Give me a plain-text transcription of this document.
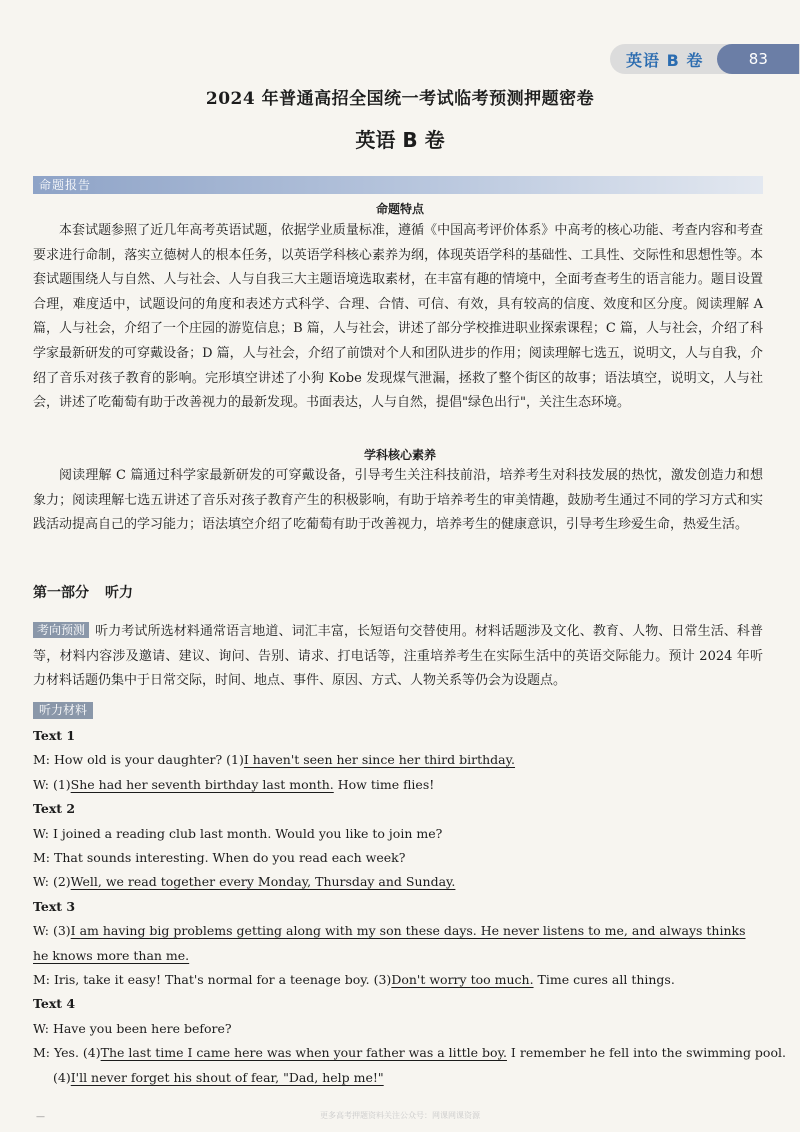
英语 B 卷	83
2024 年普通高招全国统一考试临考预测押题密卷
英语 B 卷
命题报告
命题特点
本套试题参照了近几年高考英语试题，依据学业质量标准，遵循《中国高考评价体系》中高考的核心功能、考查内容和考查要求进行命制，落实立德树人的根本任务，以英语学科核心素养为纲，体现英语学科的基础性、工具性、交际性和思想性等。本套试题围绕人与自然、人与社会、人与自我三大主题语境选取素材，在丰富有趣的情境中，全面考查考生的语言能力。题目设置合理，难度适中，试题设问的角度和表述方式科学、合理、合情、可信、有效，具有较高的信度、效度和区分度。阅读理解 A 篇，人与社会，介绍了一个庄园的游览信息；B 篇，人与社会，讲述了部分学校推进职业探索课程；C 篇，人与社会，介绍了科学家最新研发的可穿戴设备；D 篇，人与社会，介绍了前馈对个人和团队进步的作用；阅读理解七选五，说明文，人与自我，介绍了音乐对孩子教育的影响。完形填空讲述了小狗 Kobe 发现煤气泄漏，拯救了整个街区的故事；语法填空，说明文，人与社会，讲述了吃葡萄有助于改善视力的最新发现。书面表达，人与自然，提倡"绿色出行"，关注生态环境。
学科核心素养
阅读理解 C 篇通过科学家最新研发的可穿戴设备，引导考生关注科技前沿，培养考生对科技发展的热忱，激发创造力和想象力；阅读理解七选五讲述了音乐对孩子教育产生的积极影响，有助于培养考生的审美情趣，鼓励考生通过不同的学习方式和实践活动提高自己的学习能力；语法填空介绍了吃葡萄有助于改善视力，培养考生的健康意识，引导考生珍爱生命，热爱生活。
第一部分 听力
考向预测 听力考试所选材料通常语言地道、词汇丰富，长短语句交替使用。材料话题涉及文化、教育、人物、日常生活、科普等，材料内容涉及邀请、建议、询问、告别、请求、打电话等，注重培养考生在实际生活中的英语交际能力。预计 2024 年听力材料话题仍集中于日常交际，时间、地点、事件、原因、方式、人物关系等仍会为设题点。
听力材料
Text 1
M: How old is your daughter? (1)I haven't seen her since her third birthday.
W: (1)She had her seventh birthday last month. How time flies!
Text 2
W: I joined a reading club last month. Would you like to join me?
M: That sounds interesting. When do you read each week?
W: (2)Well, we read together every Monday, Thursday and Sunday.
Text 3
W: (3)I am having big problems getting along with my son these days. He never listens to me, and always thinks he knows more than me.
M: Iris, take it easy! That's normal for a teenage boy. (3)Don't worry too much. Time cures all things.
Text 4
W: Have you been here before?
M: Yes. (4)The last time I came here was when your father was a little boy. I remember he fell into the swimming pool.
(4)I'll never forget his shout of fear, "Dad, help me!"
—	更多高考押题资料关注公众号：网课网课资源
